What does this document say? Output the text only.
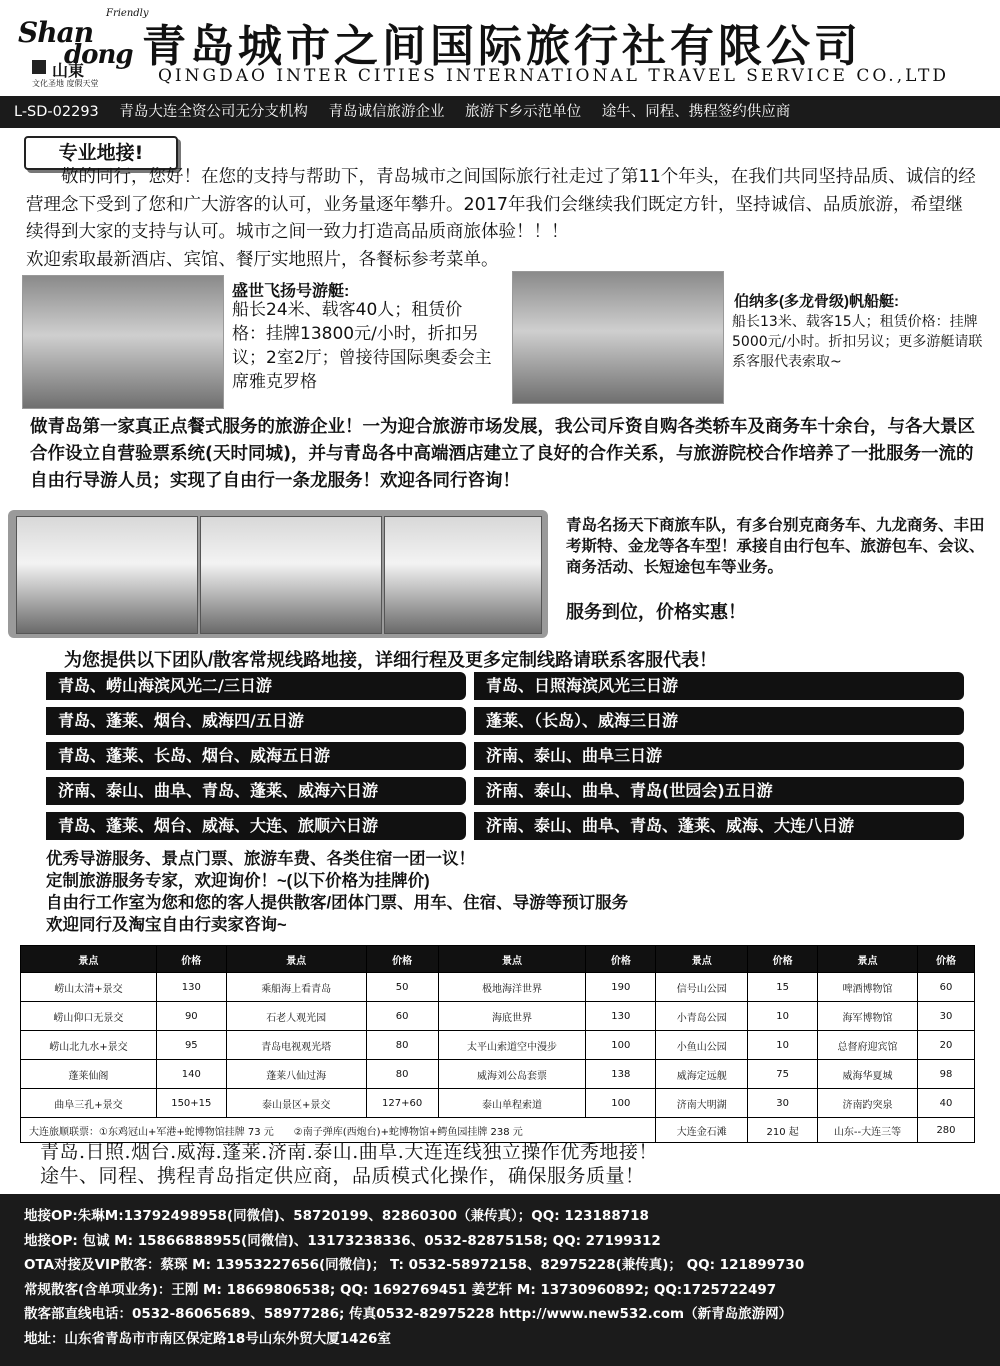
Shan
dong
Friendly
山東
文化圣地 度假天堂
青岛城市之间国际旅行社有限公司
QINGDAO INTER CITIES INTERNATIONAL TRAVEL SERVICE CO.,LTD
L-SD-02293 青岛大连全资公司无分支机构 青岛诚信旅游企业 旅游下乡示范单位 途牛、同程、携程签约供应商
专业地接!

敬的同行，您好！在您的支持与帮助下，青岛城市之间国际旅行社走过了第11个年头，在我们共同坚持品质、诚信的经营理念下受到了您和广大游客的认可，业务量逐年攀升。2017年我们会继续我们既定方针，坚持诚信、品质旅游，希望继续得到大家的支持与认可。城市之间一致力打造高品质商旅体验！！！

欢迎索取最新酒店、宾馆、餐厅实地照片，各餐标参考菜单。

盛世飞扬号游艇:
船长24米、载客40人；租赁价格：挂牌13800元/小时，折扣另议；2室2厅；曾接待国际奥委会主席雅克罗格
伯纳多(多龙骨级)帆船艇:
船长13米、载客15人；租赁价格：挂牌5000元/小时。折扣另议；更多游艇请联系客服代表索取~
做青岛第一家真正点餐式服务的旅游企业！一为迎合旅游市场发展，我公司斥资自购各类轿车及商务车十余台，与各大景区合作设立自营验票系统(天时同城)，并与青岛各中高端酒店建立了良好的合作关系，与旅游院校合作培养了一批服务一流的自由行导游人员；实现了自由行一条龙服务！欢迎各同行咨询！
青岛名扬天下商旅车队，有多台别克商务车、九龙商务、丰田考斯特、金龙等各车型！承接自由行包车、旅游包车、会议、商务活动、长短途包车等业务。
服务到位，价格实惠！
为您提供以下团队/散客常规线路地接，详细行程及更多定制线路请联系客服代表！
青岛、崂山海滨风光二/三日游	青岛、日照海滨风光三日游
青岛、蓬莱、烟台、威海四/五日游	蓬莱、（长岛）、威海三日游
青岛、蓬莱、长岛、烟台、威海五日游	济南、泰山、曲阜三日游
济南、泰山、曲阜、青岛、蓬莱、威海六日游	济南、泰山、曲阜、青岛(世园会)五日游
青岛、蓬莱、烟台、威海、大连、旅顺六日游	济南、泰山、曲阜、青岛、蓬莱、威海、大连八日游
优秀导游服务、景点门票、旅游车费、各类住宿一团一议！
定制旅游服务专家，欢迎询价！~(以下价格为挂牌价)
自由行工作室为您和您的客人提供散客/团体门票、用车、住宿、导游等预订服务
欢迎同行及淘宝自由行卖家咨询~
景点	价格	景点	价格	景点	价格	景点	价格	景点	价格
崂山太清+景交	130	乘船海上看青岛	50	极地海洋世界	190	信号山公园	15	啤酒博物馆	60
崂山仰口无景交	90	石老人观光园	60	海底世界	130	小青岛公园	10	海军博物馆	30
崂山北九水+景交	95	青岛电视观光塔	80	太平山索道空中漫步	100	小鱼山公园	10	总督府迎宾馆	20
蓬莱仙阁	140	蓬莱八仙过海	80	威海刘公岛套票	138	威海定远舰	75	威海华夏城	98
曲阜三孔+景交	150+15	泰山景区+景交	127+60	泰山单程索道	100	济南大明湖	30	济南趵突泉	40
大连旅顺联票：①东鸡冠山+军港+蛇博物馆挂牌 73 元　　②南子弹库(西炮台)+蛇博物馆+鳄鱼园挂牌 238 元						大连金石滩	210 起	山东--大连三等	280
青岛.日照.烟台.威海.蓬莱.济南.泰山.曲阜.大连连线独立操作优秀地接！
途牛、同程、携程青岛指定供应商，品质模式化操作，确保服务质量！
地接OP:朱琳M:13792498958(同微信)、58720199、82860300（兼传真）；QQ: 123188718
地接OP: 包诚 M: 15866888955(同微信)、13173238336、0532-82875158; QQ: 27199312
OTA对接及VIP散客：蔡琛 M: 13953227656(同微信)； T: 0532-58972158、82975228(兼传真)； QQ: 121899730
常规散客(含单项业务)：王刚 M: 18669806538; QQ: 1692769451 姜艺轩 M: 13730960892; QQ:1725722497
散客部直线电话：0532-86065689、58977286; 传真0532-82975228 http://www.new532.com（新青岛旅游网）
地址：山东省青岛市市南区保定路18号山东外贸大厦1426室
